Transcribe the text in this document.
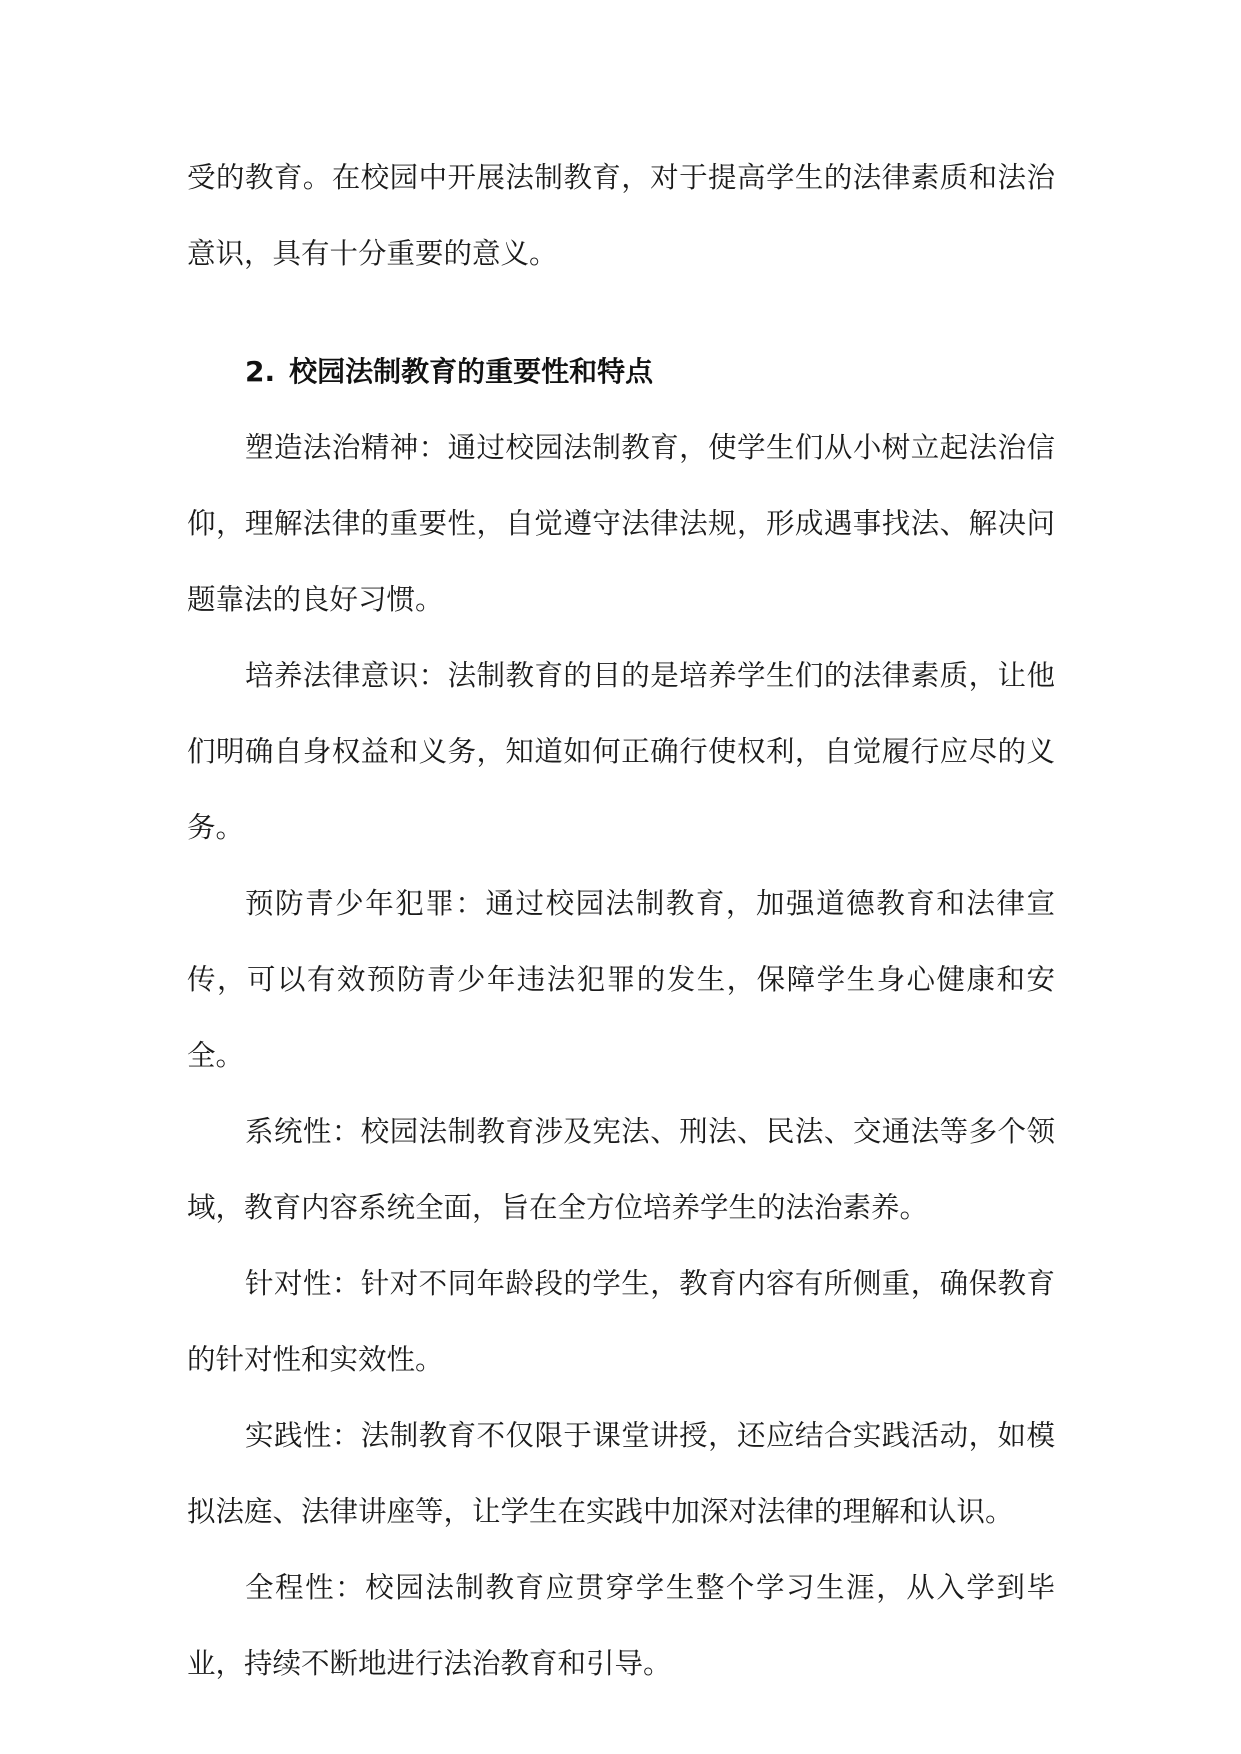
受的教育。在校园中开展法制教育，对于提高学生的法律素质和法治意识，具有十分重要的意义。

2. 校园法制教育的重要性和特点

塑造法治精神：通过校园法制教育，使学生们从小树立起法治信仰，理解法律的重要性，自觉遵守法律法规，形成遇事找法、解决问题靠法的良好习惯。

培养法律意识：法制教育的目的是培养学生们的法律素质，让他们明确自身权益和义务，知道如何正确行使权利，自觉履行应尽的义务。

预防青少年犯罪：通过校园法制教育，加强道德教育和法律宣传，可以有效预防青少年违法犯罪的发生，保障学生身心健康和安全。

系统性：校园法制教育涉及宪法、刑法、民法、交通法等多个领域，教育内容系统全面，旨在全方位培养学生的法治素养。

针对性：针对不同年龄段的学生，教育内容有所侧重，确保教育的针对性和实效性。

实践性：法制教育不仅限于课堂讲授，还应结合实践活动，如模拟法庭、法律讲座等，让学生在实践中加深对法律的理解和认识。

全程性：校园法制教育应贯穿学生整个学习生涯，从入学到毕业，持续不断地进行法治教育和引导。
